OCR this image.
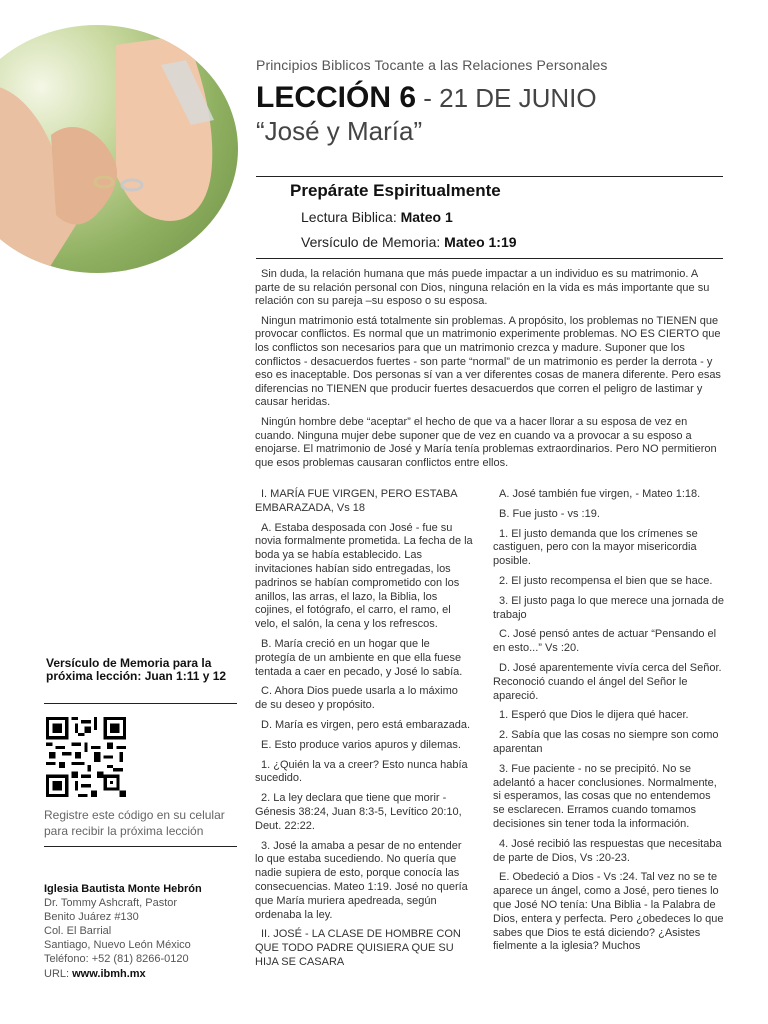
Principios Biblicos Tocante a las Relaciones Personales
LECCIÓN 6 - 21 DE JUNIO
“José y María”
Prepárate Espiritualmente
Lectura Biblica: Mateo 1
Versículo de Memoria: Mateo 1:19

Sin duda, la relación humana que más puede impactar a un individuo es su matrimonio. A parte de su relación personal con Dios, ninguna relación en la vida es más importante que su relación con su pareja –su esposo o su esposa.

Ningun matrimonio está totalmente sin problemas. A propósito, los problemas no TIENEN que provocar conflictos. Es normal que un matrimonio experimente problemas. NO ES CIERTO que los conflictos son necesarios para que un matrimonio crezca y madure. Suponer que los conflictos - desacuerdos fuertes - son parte “normal” de un matrimonio es perder la derrota - y eso es inaceptable. Dos personas sí van a ver diferentes cosas de manera diferente. Pero esas diferencias no TIENEN que producir fuertes desacuerdos que corren el peligro de lastimar y causar heridas.

Ningún hombre debe “aceptar” el hecho de que va a hacer llorar a su esposa de vez en cuando. Ninguna mujer debe suponer que de vez en cuando va a provocar a su esposo a enojarse. El matrimonio de José y María tenía problemas extraordinarios. Pero NO permitieron que esos problemas causaran conflictos entre ellos.

I. MARÍA FUE VIRGEN, PERO ESTABA EMBARAZADA, Vs 18

A. Estaba desposada con José - fue su novia formalmente prometida. La fecha de la boda ya se había establecido. Las invitaciones habían sido entregadas, los padrinos se habían comprometido con los anillos, las arras, el lazo, la Biblia, los cojines, el fotógrafo, el carro, el ramo, el velo, el salón, la cena y los refrescos.

B. María creció en un hogar que le protegía de un ambiente en que ella fuese tentada a caer en pecado, y José lo sabía.

C. Ahora Dios puede usarla a lo máximo de su deseo y propósito.

D. María es virgen, pero está embarazada.

E. Esto produce varios apuros y dilemas.

1. ¿Quién la va a creer? Esto nunca había sucedido.

2. La ley declara que tiene que morir - Génesis 38:24, Juan 8:3-5, Levítico 20:10, Deut. 22:22.

3. José la amaba a pesar de no entender lo que estaba sucediendo. No quería que nadie supiera de esto, porque conocía las consecuencias. Mateo 1:19. José no quería que María muriera apedreada, según ordenaba la ley.

II. JOSÉ - LA CLASE DE HOMBRE CON QUE TODO PADRE QUISIERA QUE SU HIJA SE CASARA

A. José también fue virgen, - Mateo 1:18.

B. Fue justo - vs :19.

1. El justo demanda que los crímenes se castiguen, pero con la mayor misericordia posible.

2. El justo recompensa el bien que se hace.

3. El justo paga lo que merece una jornada de trabajo

C. José pensó antes de actuar “Pensando el en esto...” Vs :20.

D. José aparentemente vivía cerca del Señor. Reconoció cuando el ángel del Señor le apareció.

1. Esperó que Dios le dijera qué hacer.

2. Sabía que las cosas no siempre son como aparentan

3. Fue paciente - no se precipitó. No se adelantó a hacer conclusiones. Normalmente, si esperamos, las cosas que no entendemos se esclarecen. Erramos cuando tomamos decisiones sin tener toda la información.

4. José recibió las respuestas que necesitaba de parte de Dios, Vs :20-23.

E. Obedeció a Dios - Vs :24. Tal vez no se te aparece un ángel, como a José, pero tienes lo que José NO tenía: Una Biblia - la Palabra de Dios, entera y perfecta. Pero ¿obedeces lo que sabes que Dios te está diciendo? ¿Asistes fielmente a la iglesia? Muchos

Versículo de Memoria para la próxima lección: Juan 1:11 y 12
Registre este código en su celular para recibir la próxima lección
Iglesia Bautista Monte Hebrón
Dr. Tommy Ashcraft, Pastor
Benito Juárez #130
Col. El Barrial
Santiago, Nuevo León México
Teléfono: +52 (81) 8266-0120
URL: www.ibmh.mx
